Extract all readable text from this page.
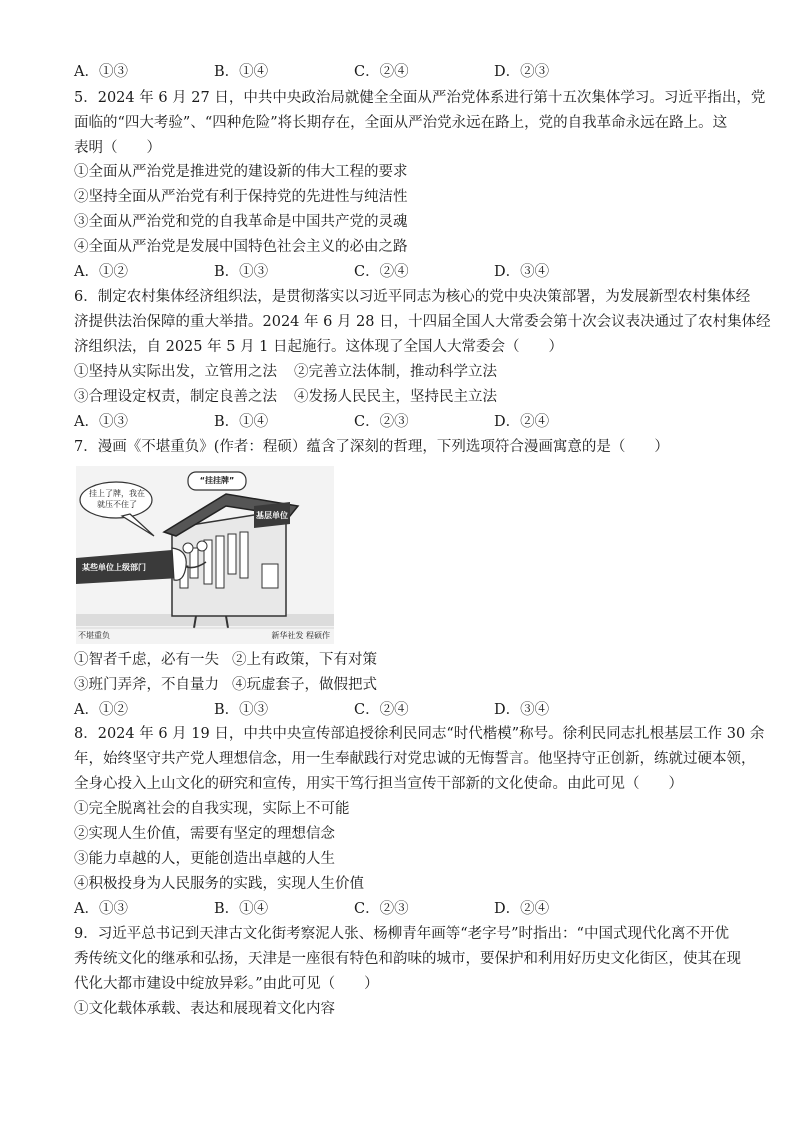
A．①③	B．①④	C．②④	D．②③
5．2024 年 6 月 27 日，中共中央政治局就健全全面从严治党体系进行第十五次集体学习。习近平指出，党
面临的“四大考验”、“四种危险”将长期存在，全面从严治党永远在路上，党的自我革命永远在路上。这
表明（　　）
①全面从严治党是推进党的建设新的伟大工程的要求
②坚持全面从严治党有利于保持党的先进性与纯洁性
③全面从严治党和党的自我革命是中国共产党的灵魂
④全面从严治党是发展中国特色社会主义的必由之路
A．①②	B．①③	C．②④	D．③④
6．制定农村集体经济组织法，是贯彻落实以习近平同志为核心的党中央决策部署，为发展新型农村集体经
济提供法治保障的重大举措。2024 年 6 月 28 日，十四届全国人大常委会第十次会议表决通过了农村集体经
济组织法，自 2025 年 5 月 1 日起施行。这体现了全国人大常委会（　　）
①坚持从实际出发，立管用之法 ②完善立法体制，推动科学立法
③合理设定权责，制定良善之法 ④发扬人民民主，坚持民主立法
A．①③	B．①④	C．②③	D．②④
7．漫画《不堪重负》(作者：程硕）蕴含了深刻的哲理，下列选项符合漫画寓意的是（　　）
挂上了牌，我在就压不住了
“挂挂牌”
基层单位
某些单位上级部门
不堪重负	新华社发 程硕作
①智者千虑，必有一失 ②上有政策，下有对策
③班门弄斧，不自量力 ④玩虚套子，做假把式
A．①②	B．①③	C．②④	D．③④
8．2024 年 6 月 19 日，中共中央宣传部追授徐利民同志“时代楷模”称号。徐利民同志扎根基层工作 30 余
年，始终坚守共产党人理想信念，用一生奉献践行对党忠诚的无悔誓言。他坚持守正创新，练就过硬本领，
全身心投入上山文化的研究和宣传，用实干笃行担当宣传干部新的文化使命。由此可见（　　）
①完全脱离社会的自我实现，实际上不可能
②实现人生价值，需要有坚定的理想信念
③能力卓越的人，更能创造出卓越的人生
④积极投身为人民服务的实践，实现人生价值
A．①③	B．①④	C．②③	D．②④
9．习近平总书记到天津古文化街考察泥人张、杨柳青年画等“老字号”时指出：“中国式现代化离不开优
秀传统文化的继承和弘扬，天津是一座很有特色和韵味的城市，要保护和利用好历史文化街区，使其在现
代化大都市建设中绽放异彩。”由此可见（　　）
①文化载体承载、表达和展现着文化内容
